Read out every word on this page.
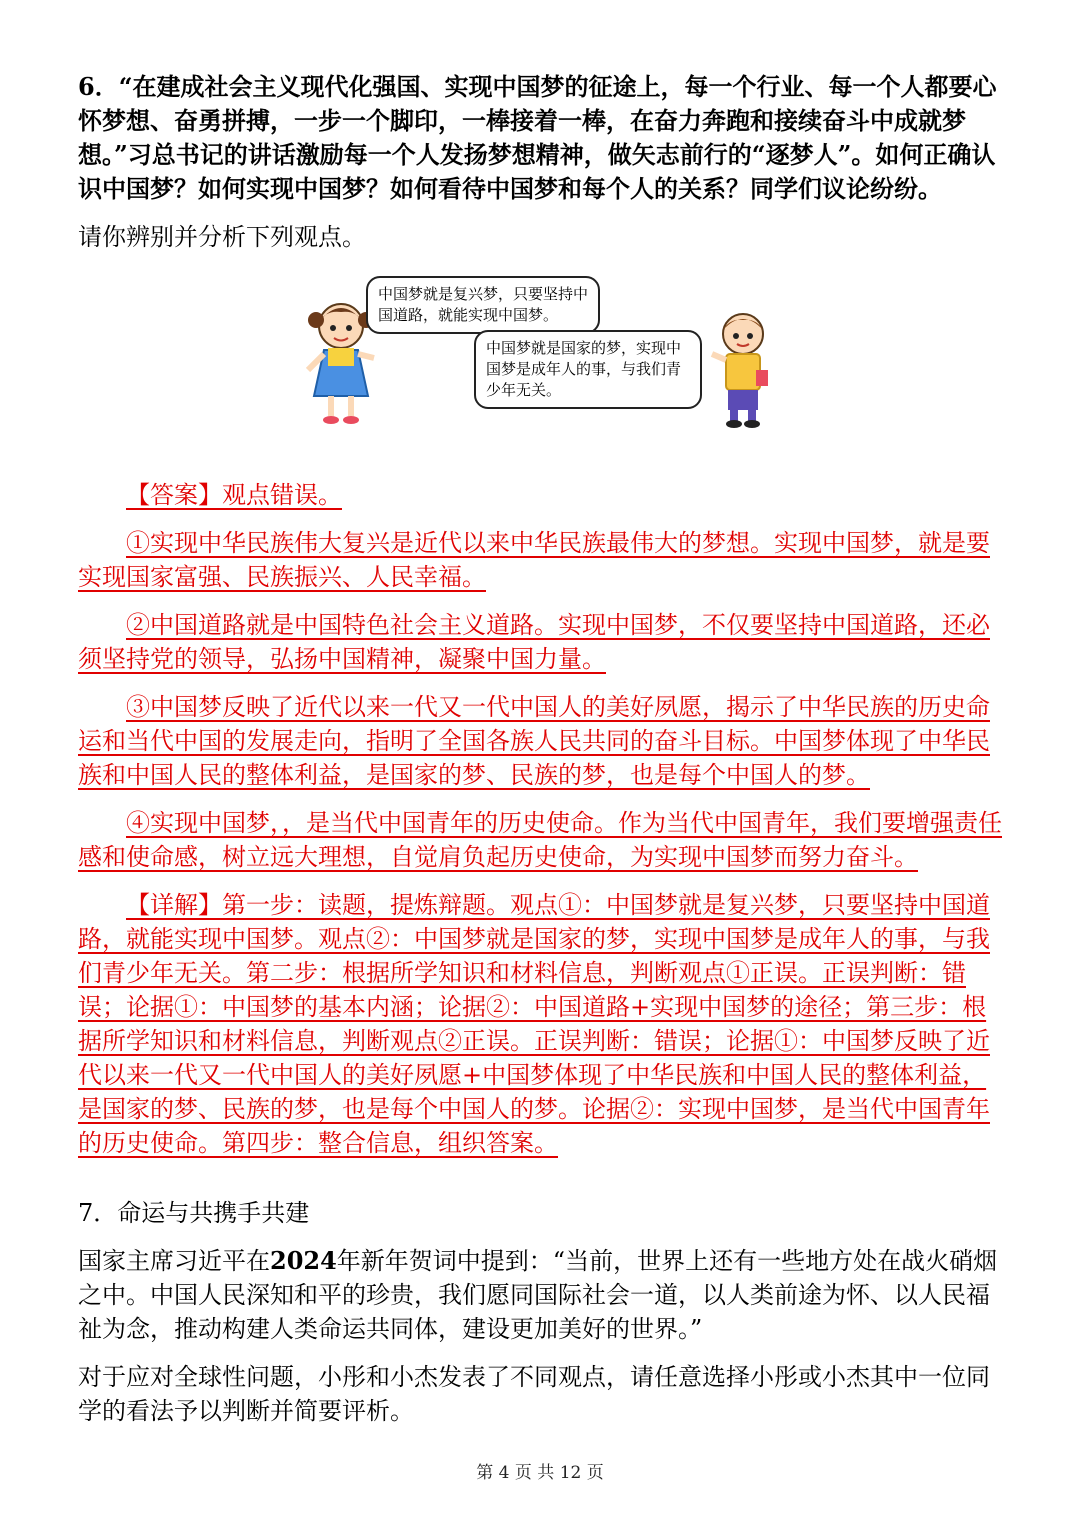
6．“在建成社会主义现代化强国、实现中国梦的征途上，每一个行业、每一个人都要心怀梦想、奋勇拼搏，一步一个脚印，一棒接着一棒，在奋力奔跑和接续奋斗中成就梦想。”习总书记的讲话激励每一个人发扬梦想精神，做矢志前行的“逐梦人”。如何正确认识中国梦？如何实现中国梦？如何看待中国梦和每个人的关系？同学们议论纷纷。

请你辨别并分析下列观点。

中国梦就是复兴梦，只要坚持中国道路，就能实现中国梦。
中国梦就是国家的梦，实现中国梦是成年人的事，与我们青少年无关。

【答案】观点错误。

①实现中华民族伟大复兴是近代以来中华民族最伟大的梦想。实现中国梦，就是要实现国家富强、民族振兴、人民幸福。

②中国道路就是中国特色社会主义道路。实现中国梦，不仅要坚持中国道路，还必须坚持党的领导，弘扬中国精神，凝聚中国力量。

③中国梦反映了近代以来一代又一代中国人的美好夙愿，揭示了中华民族的历史命运和当代中国的发展走向，指明了全国各族人民共同的奋斗目标。中国梦体现了中华民族和中国人民的整体利益，是国家的梦、民族的梦，也是每个中国人的梦。

④实现中国梦，，是当代中国青年的历史使命。作为当代中国青年，我们要增强责任感和使命感，树立远大理想，自觉肩负起历史使命，为实现中国梦而努力奋斗。

【详解】第一步：读题，提炼辩题。观点①：中国梦就是复兴梦，只要坚持中国道路，就能实现中国梦。观点②：中国梦就是国家的梦，实现中国梦是成年人的事，与我们青少年无关。第二步：根据所学知识和材料信息，判断观点①正误。正误判断：错误；论据①：中国梦的基本内涵；论据②：中国道路+实现中国梦的途径；第三步：根据所学知识和材料信息，判断观点②正误。正误判断：错误；论据①：中国梦反映了近代以来一代又一代中国人的美好夙愿+中国梦体现了中华民族和中国人民的整体利益，是国家的梦、民族的梦，也是每个中国人的梦。论据②：实现中国梦，是当代中国青年的历史使命。第四步：整合信息，组织答案。

7．命运与共携手共建

国家主席习近平在2024年新年贺词中提到：“当前，世界上还有一些地方处在战火硝烟之中。中国人民深知和平的珍贵，我们愿同国际社会一道，以人类前途为怀、以人民福祉为念，推动构建人类命运共同体，建设更加美好的世界。”

对于应对全球性问题，小彤和小杰发表了不同观点，请任意选择小彤或小杰其中一位同学的看法予以判断并简要评析。

第 4 页 共 12 页
